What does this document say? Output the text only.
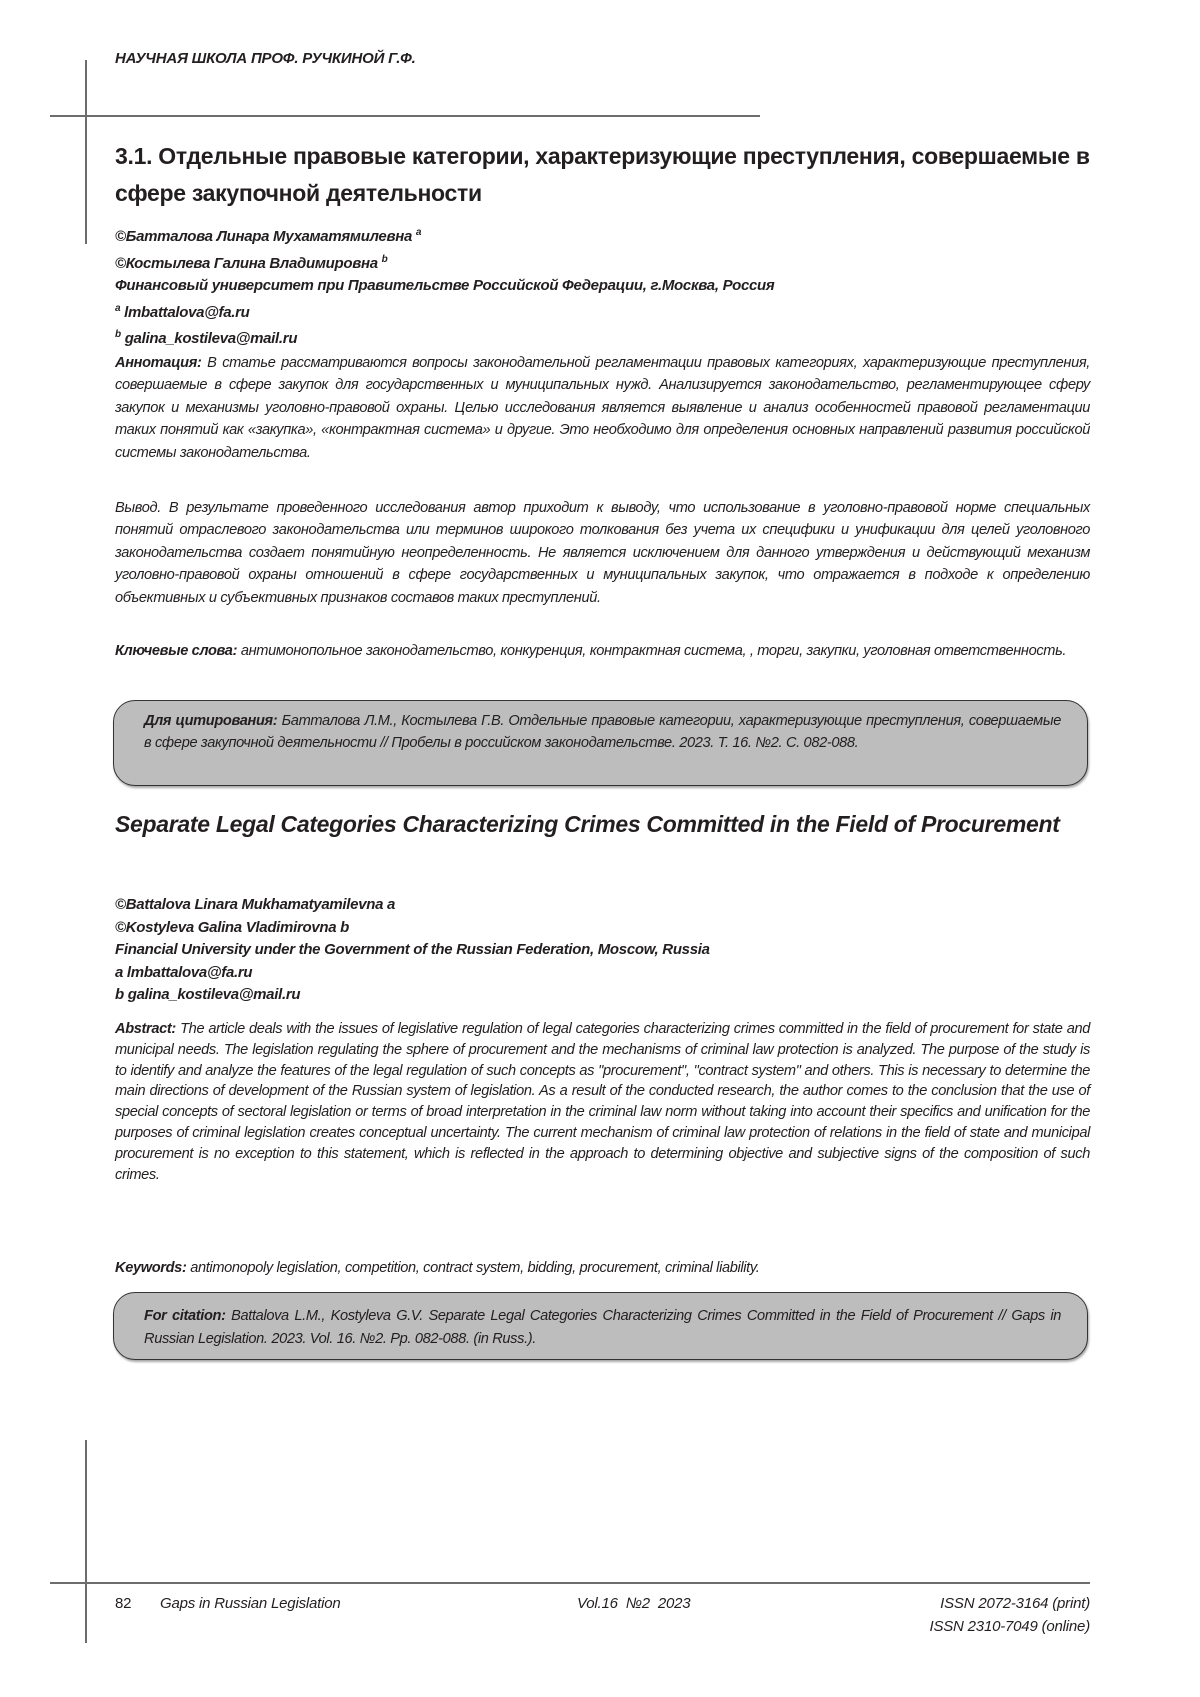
НАУЧНАЯ ШКОЛА ПРОФ. РУЧКИНОЙ Г.Ф.
3.1. Отдельные правовые категории, характеризующие преступления, совершаемые в сфере закупочной деятельности
©Батталова Линара Мухаматямилевна a
©Костылева Галина Владимировна b
Финансовый университет при Правительстве Российской Федерации, г.Москва, Россия
a lmbattalova@fa.ru
b galina_kostileva@mail.ru
Аннотация: В статье рассматриваются вопросы законодательной регламентации правовых категориях, характеризующие преступления, совершаемые в сфере закупок для государственных и муниципальных нужд. Анализируется законодательство, регламентирующее сферу закупок и механизмы уголовно-правовой охраны. Целью исследования является выявление и анализ особенностей правовой регламентации таких понятий как «закупка», «контрактная система» и другие. Это необходимо для определения основных направлений развития российской системы законодательства.
Вывод. В результате проведенного исследования автор приходит к выводу, что использование в уголовно-правовой норме специальных понятий отраслевого законодательства или терминов широкого толкования без учета их специфики и унификации для целей уголовного законодательства создает понятийную неопределенность. Не является исключением для данного утверждения и действующий механизм уголовно-правовой охраны отношений в сфере государственных и муниципальных закупок, что отражается в подходе к определению объективных и субъективных признаков составов таких преступлений.
Ключевые слова: антимонопольное законодательство, конкуренция, контрактная система, , торги, закупки, уголовная ответственность.
Для цитирования: Батталова Л.М., Костылева Г.В. Отдельные правовые категории, характеризующие преступления, совершаемые в сфере закупочной деятельности // Пробелы в российском законодательстве. 2023. Т. 16. №2. С. 082-088.
Separate Legal Categories Characterizing Crimes Committed in the Field of Procurement
©Battalova Linara Mukhamatyamilevna a
©Kostyleva Galina Vladimirovna b
Financial University under the Government of the Russian Federation, Moscow, Russia
a lmbattalova@fa.ru
b galina_kostileva@mail.ru
Abstract: The article deals with the issues of legislative regulation of legal categories characterizing crimes committed in the field of procurement for state and municipal needs. The legislation regulating the sphere of procurement and the mechanisms of criminal law protection is analyzed. The purpose of the study is to identify and analyze the features of the legal regulation of such concepts as "procurement", "contract system" and others. This is necessary to determine the main directions of development of the Russian system of legislation. As a result of the conducted research, the author comes to the conclusion that the use of special concepts of sectoral legislation or terms of broad interpretation in the criminal law norm without taking into account their specifics and unification for the purposes of criminal legislation creates conceptual uncertainty. The current mechanism of criminal law protection of relations in the field of state and municipal procurement is no exception to this statement, which is reflected in the approach to determining objective and subjective signs of the composition of such crimes.
Keywords: antimonopoly legislation, competition, contract system, bidding, procurement, criminal liability.
For citation: Battalova L.M., Kostyleva G.V. Separate Legal Categories Characterizing Crimes Committed in the Field of Procurement // Gaps in Russian Legislation. 2023. Vol. 16. №2. Pp. 082-088. (in Russ.).
82 Gaps in Russian Legislation	Vol.16  №2  2023	ISSN 2072-3164 (print)
ISSN 2310-7049 (online)
